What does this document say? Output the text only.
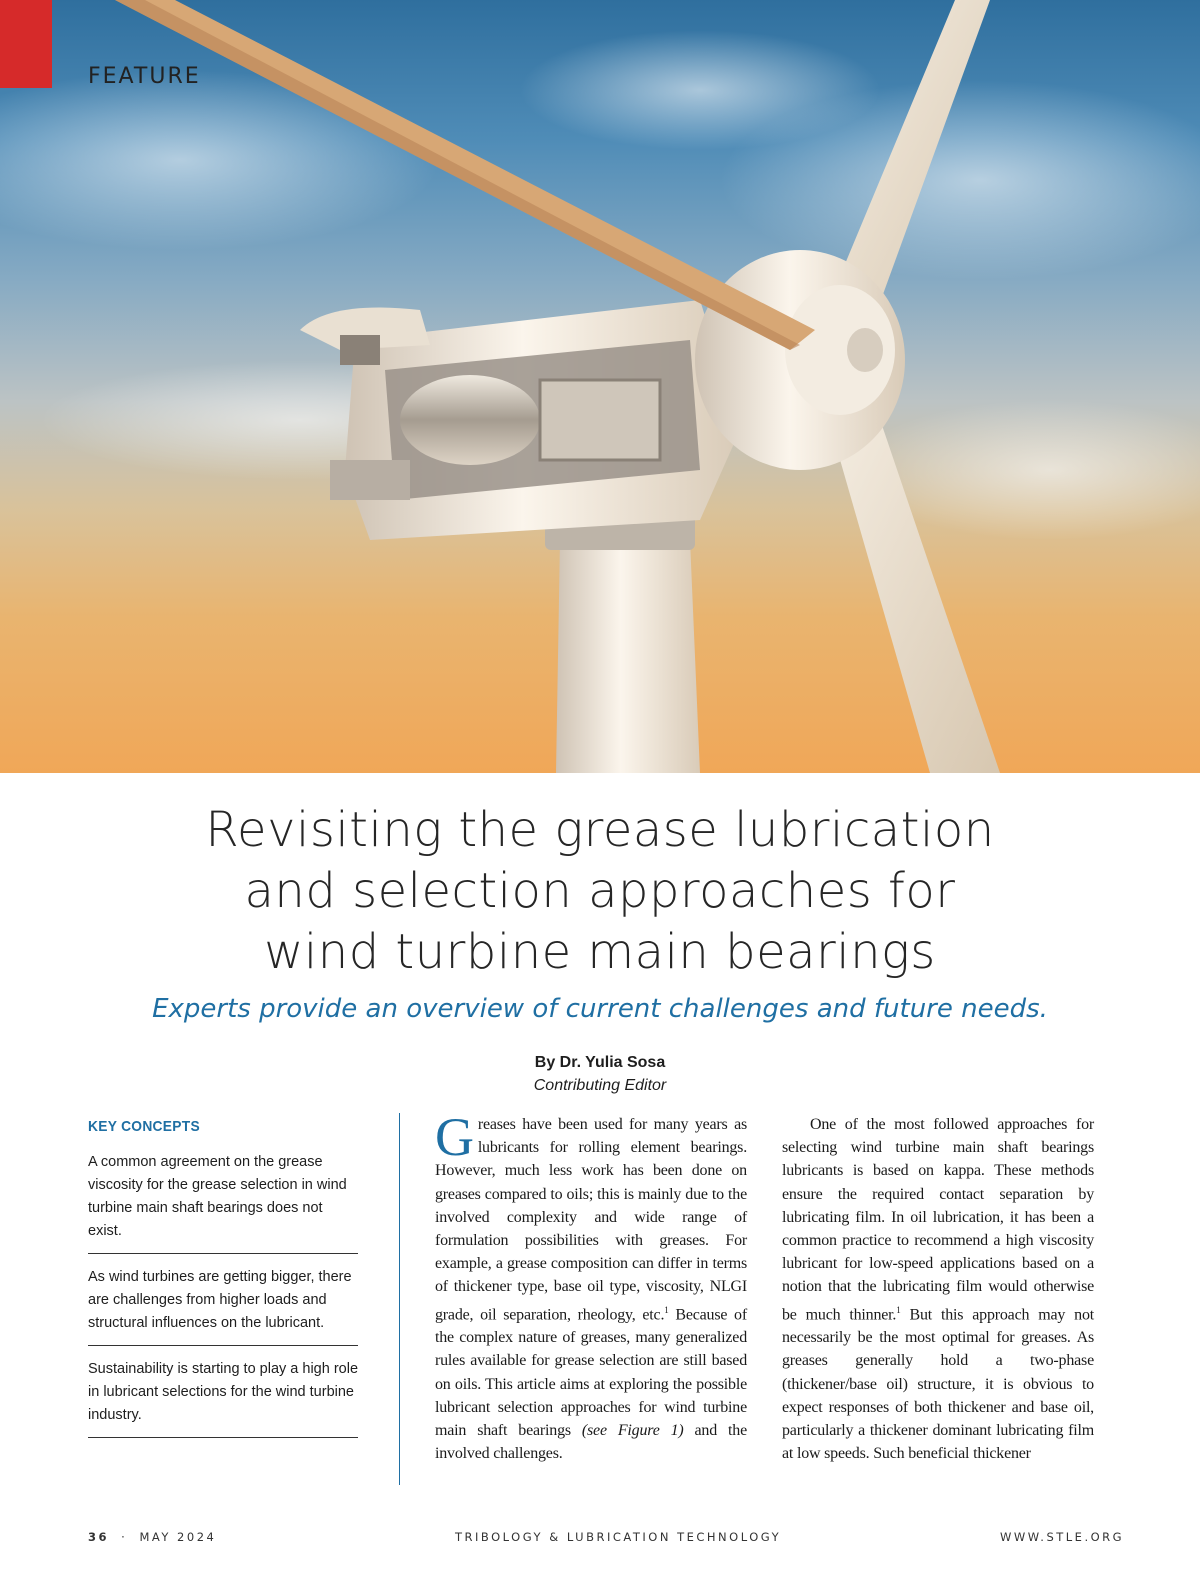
FEATURE
Revisiting the grease lubrication
and selection approaches for
wind turbine main bearings
Experts provide an overview of current challenges and future needs.
By Dr. Yulia Sosa
Contributing Editor
KEY CONCEPTS
A common agreement on the grease viscosity for the grease selection in wind turbine main shaft bearings does not exist.
As wind turbines are getting bigger, there are challenges from higher loads and structural influences on the lubricant.
Sustainability is starting to play a high role in lubricant selections for the wind turbine industry.
Greases have been used for many years as lubricants for rolling element bearings. However, much less work has been done on greases compared to oils; this is mainly due to the involved complexity and wide range of formulation possibilities with greases. For example, a grease composition can differ in terms of thickener type, base oil type, viscosity, NLGI grade, oil separation, rheology, etc.$^1$ Because of the complex nature of greases, many generalized rules available for grease selection are still based on oils. This article aims at exploring the possible lubricant selection approaches for wind turbine main shaft bearings (see Figure 1) and the involved challenges.
One of the most followed approaches for selecting wind turbine main shaft bearings lubricants is based on kappa. These methods ensure the required contact separation by lubricating film. In oil lubrication, it has been a common practice to recommend a high viscosity lubricant for low-speed applications based on a notion that the lubricating film would otherwise be much thinner.$^1$ But this approach may not necessarily be the most optimal for greases. As greases generally hold a two-phase (thickener/base oil) structure, it is obvious to expect responses of both thickener and base oil, particularly a thickener dominant lubricating film at low speeds. Such beneficial thickener
36 · MAY 2024	TRIBOLOGY & LUBRICATION TECHNOLOGY	WWW.STLE.ORG
